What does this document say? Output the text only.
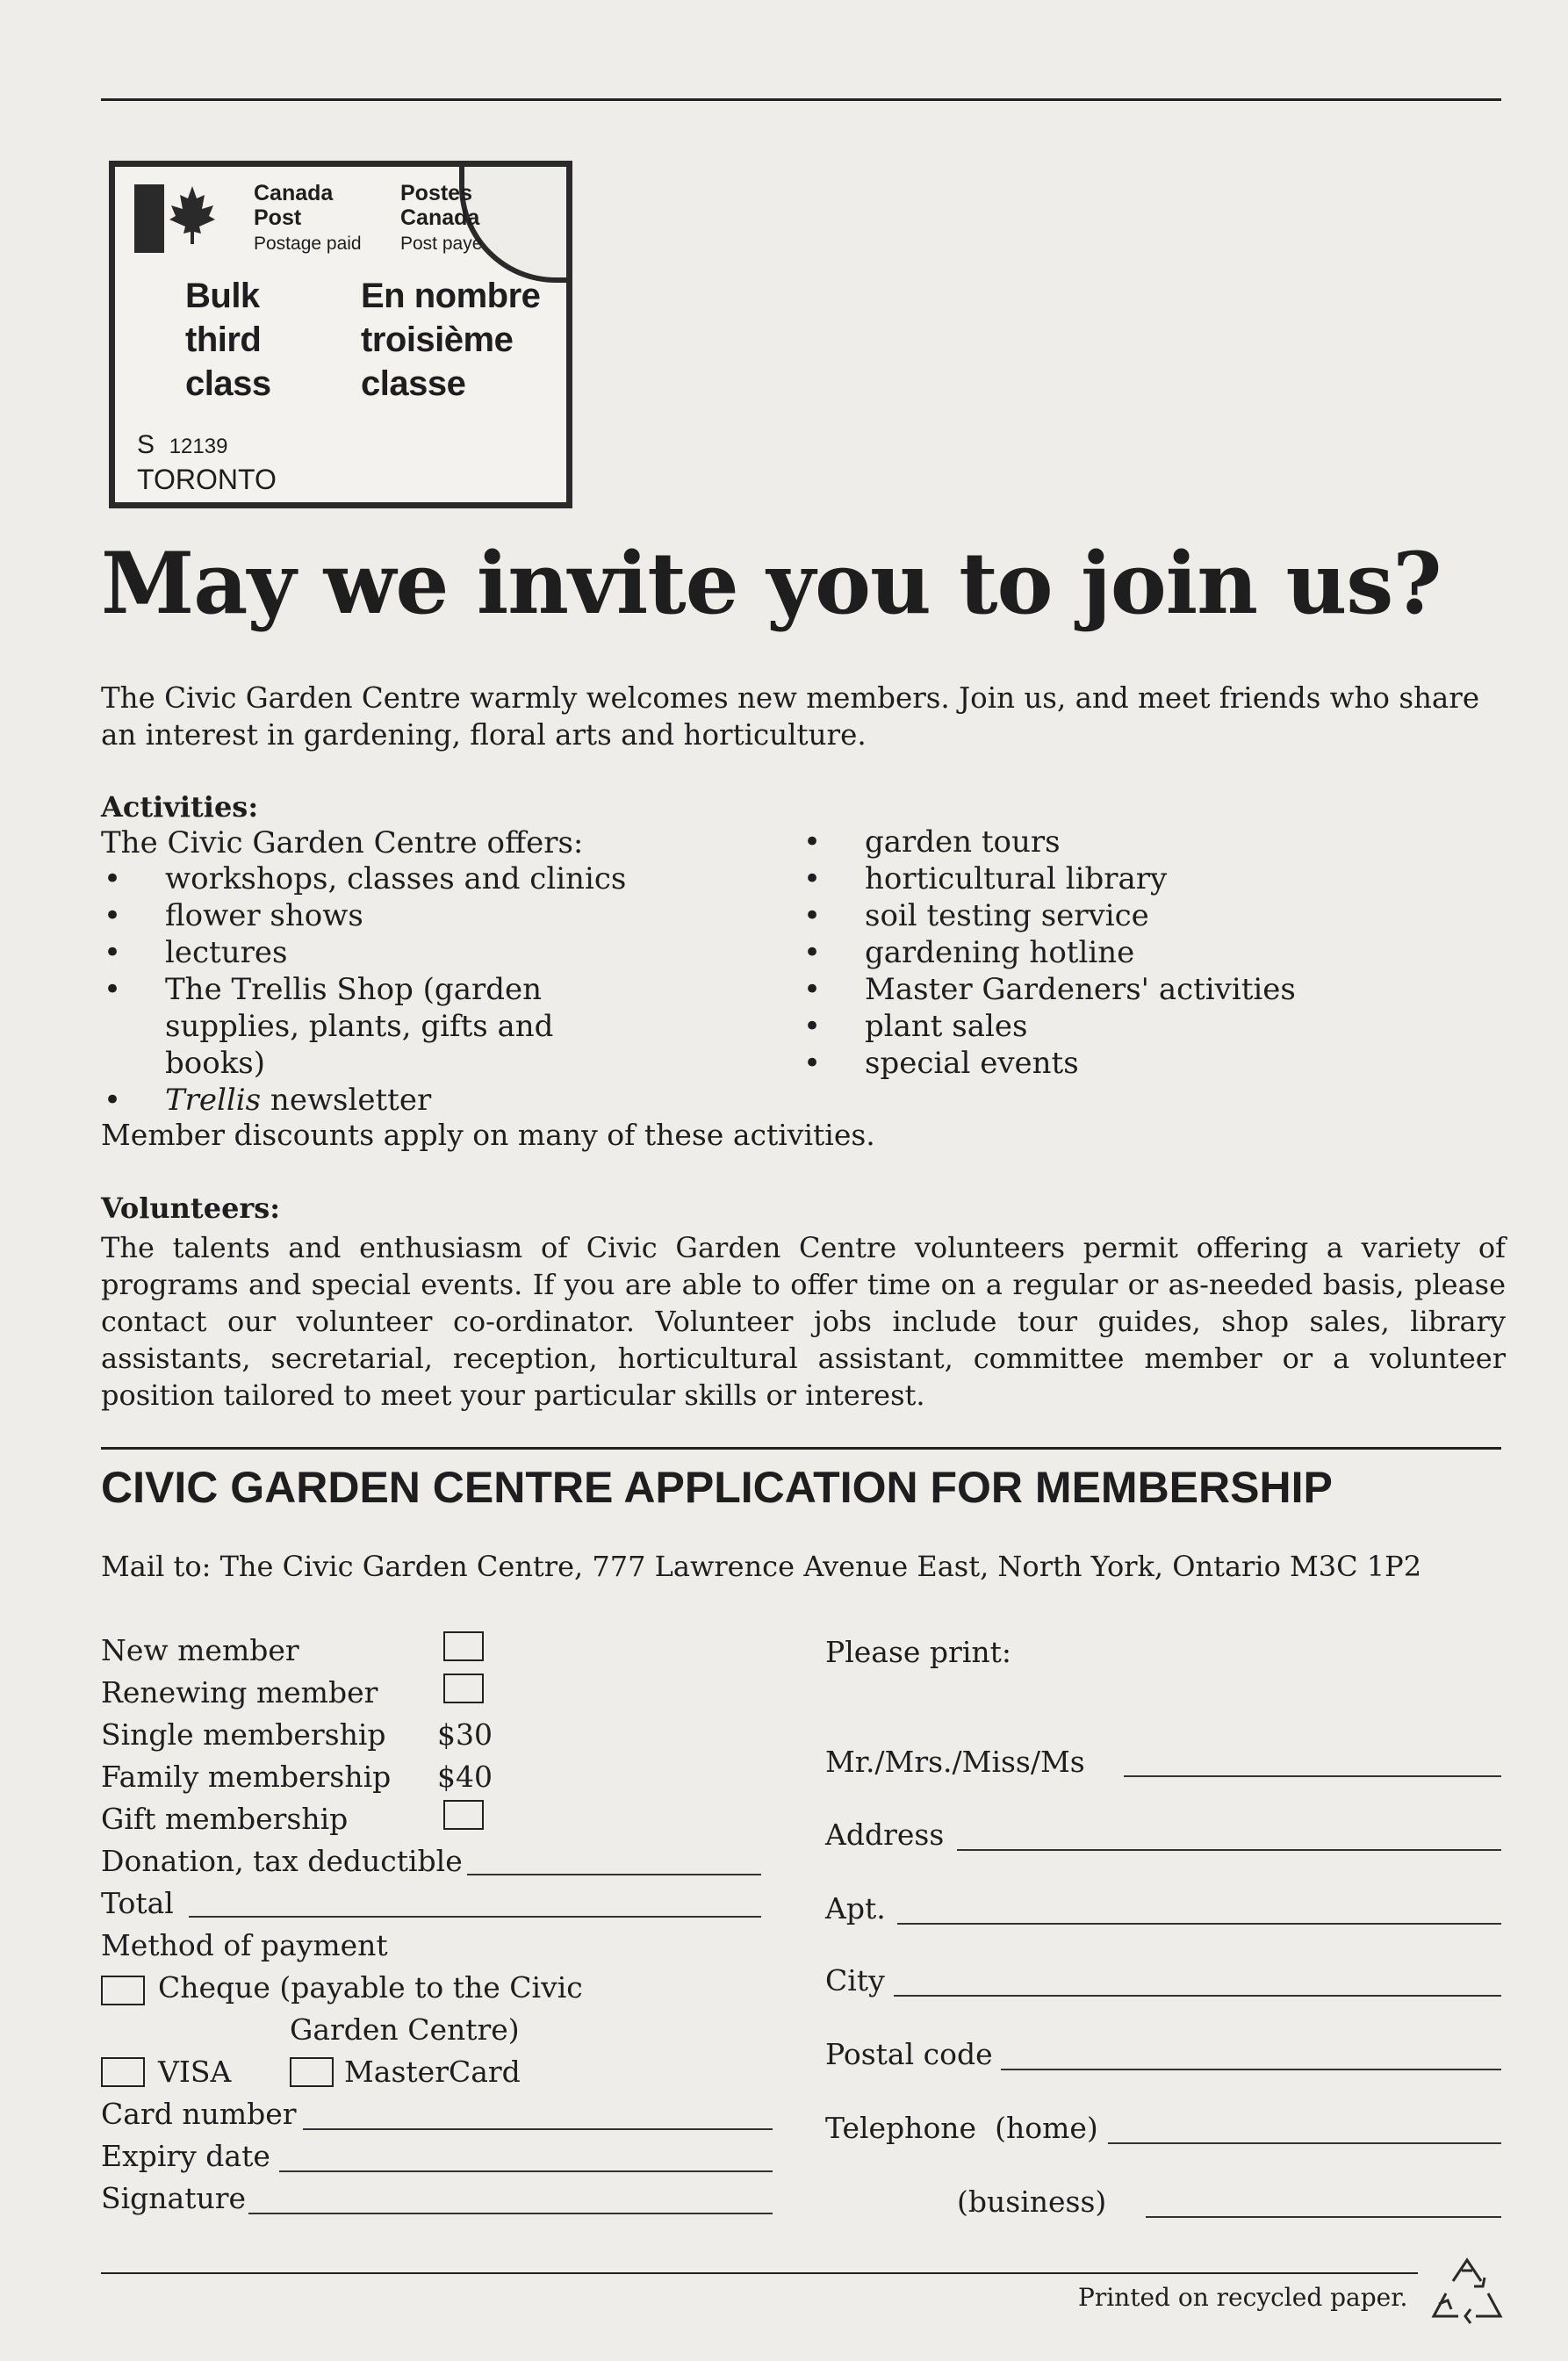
Canada
Post
Postage paid
Postes
Canada
Post paye
Bulk
third
class
En nombre
troisième
classe
S 12139
TORONTO
May we invite you to join us?
The Civic Garden Centre warmly welcomes new members. Join us, and meet friends who share an interest in gardening, floral arts and horticulture.
Activities:
The Civic Garden Centre offers:
• workshops, classes and clinics
• flower shows
• lectures
• The Trellis Shop (garden supplies, plants, gifts and books)
• Trellis newsletter
• garden tours
• horticultural library
• soil testing service
• gardening hotline
• Master Gardeners' activities
• plant sales
• special events
Member discounts apply on many of these activities.
Volunteers:
The talents and enthusiasm of Civic Garden Centre volunteers permit offering a variety of programs and special events. If you are able to offer time on a regular or as-needed basis, please contact our volunteer co-ordinator. Volunteer jobs include tour guides, shop sales, library assistants, secretarial, reception, horticultural assistant, committee member or a volunteer position tailored to meet your particular skills or interest.
CIVIC GARDEN CENTRE APPLICATION FOR MEMBERSHIP
Mail to: The Civic Garden Centre, 777 Lawrence Avenue East, North York, Ontario M3C 1P2
New member
Renewing member
Single membership $30
Family membership $40
Gift membership
Donation, tax deductible
Total
Method of payment
Cheque (payable to the Civic
Garden Centre)
VISA	MasterCard
Card number
Expiry date
Signature
Please print:
Mr./Mrs./Miss/Ms
Address
Apt.
City
Postal code
Telephone  (home)
(business)
Printed on recycled paper.
